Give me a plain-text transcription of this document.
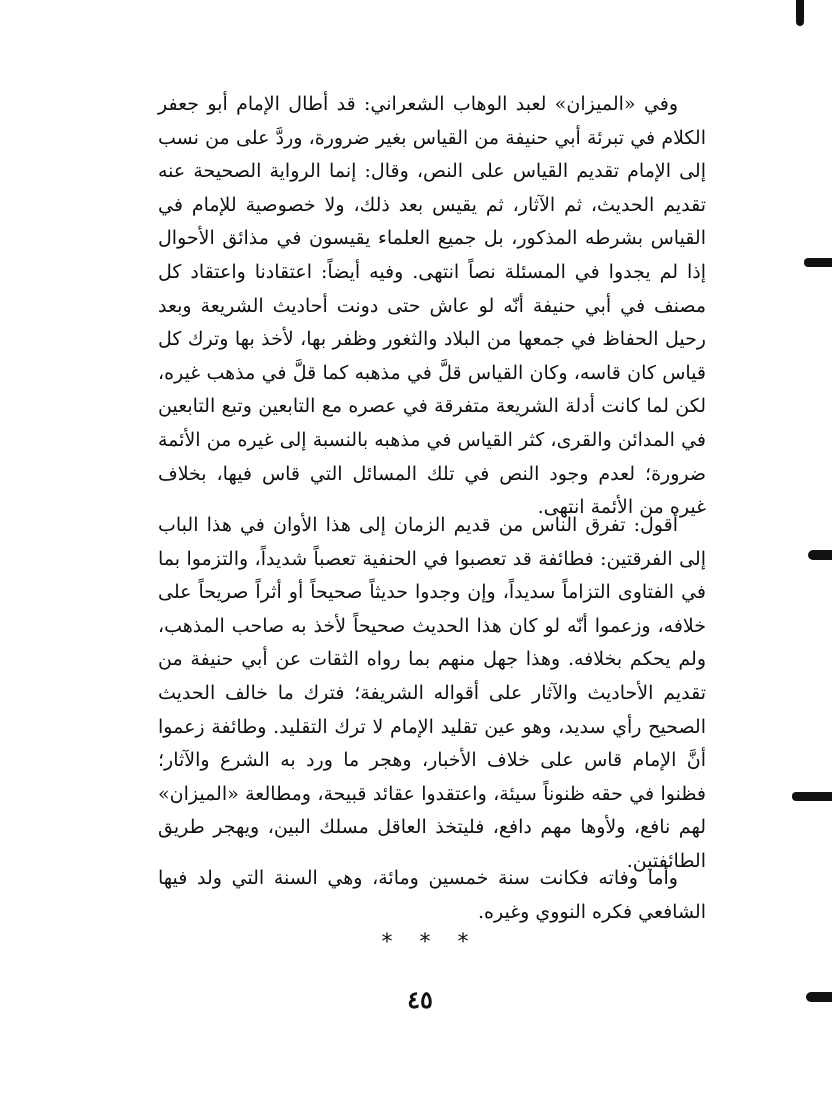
وفي «الميزان» لعبد الوهاب الشعراني: قد أطال الإمام أبو جعفر الكلام في تبرئة أبي حنيفة من القياس بغير ضرورة، وردَّ على من نسب إلى الإمام تقديم القياس على النص، وقال: إنما الرواية الصحيحة عنه تقديم الحديث، ثم الآثار، ثم يقيس بعد ذلك، ولا خصوصية للإمام في القياس بشرطه المذكور، بل جميع العلماء يقيسون في مذائق الأحوال إذا لم يجدوا في المسئلة نصاً انتهى. وفيه أيضاً: اعتقادنا واعتقاد كل مصنف في أبي حنيفة أنّه لو عاش حتى دونت أحاديث الشريعة وبعد رحيل الحفاظ في جمعها من البلاد والثغور وظفر بها، لأخذ بها وترك كل قياس كان قاسه، وكان القياس قلَّ في مذهبه كما قلَّ في مذهب غيره، لكن لما كانت أدلة الشريعة متفرقة في عصره مع التابعين وتبع التابعين في المدائن والقرى، كثر القياس في مذهبه بالنسبة إلى غيره من الأئمة ضرورة؛ لعدم وجود النص في تلك المسائل التي قاس فيها، بخلاف غيره من الأئمة انتهى.

أقول: تفرق الناس من قديم الزمان إلى هذا الأوان في هذا الباب إلى الفرقتين: فطائفة قد تعصبوا في الحنفية تعصباً شديداً، والتزموا بما في الفتاوى التزاماً سديداً، وإن وجدوا حديثاً صحيحاً أو أثراً صريحاً على خلافه، وزعموا أنّه لو كان هذا الحديث صحيحاً لأخذ به صاحب المذهب، ولم يحكم بخلافه. وهذا جهل منهم بما رواه الثقات عن أبي حنيفة من تقديم الأحاديث والآثار على أقواله الشريفة؛ فترك ما خالف الحديث الصحيح رأي سديد، وهو عين تقليد الإمام لا ترك التقليد. وطائفة زعموا أنَّ الإمام قاس على خلاف الأخبار، وهجر ما ورد به الشرع والآثار؛ فظنوا في حقه ظنوناً سيئة، واعتقدوا عقائد قبيحة، ومطالعة «الميزان» لهم نافع، ولأوها مهم دافع، فليتخذ العاقل مسلك البين، ويهجر طريق الطائفتين.

وأما وفاته فكانت سنة خمسين ومائة، وهي السنة التي ولد فيها الشافعي فكره النووي وغيره.

* * *
٤٥
